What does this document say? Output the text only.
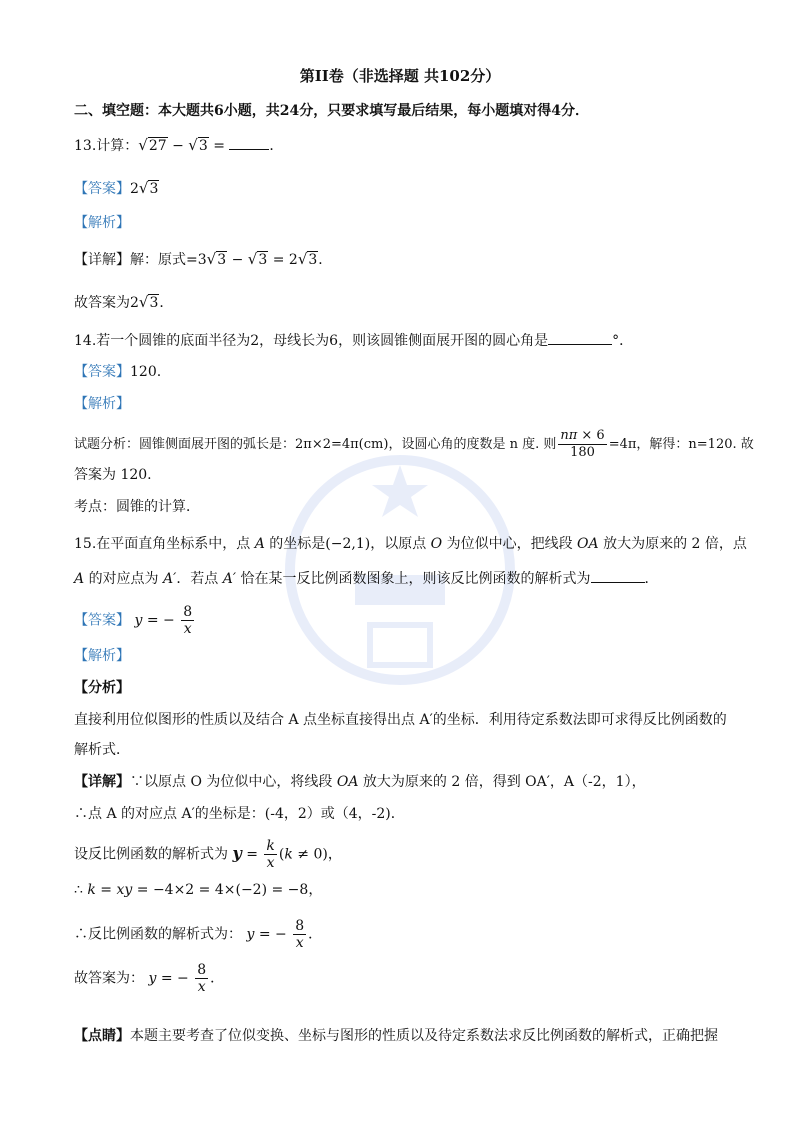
第II卷（非选择题 共102分）
二、填空题：本大题共6小题，共24分，只要求填写最后结果，每小题填对得4分．
13.计算：√27 − √3 =	．
【答案】2√3
【解析】
【详解】解：原式=3√3 − √3 = 2√3．
故答案为2√3．
14.若一个圆锥的底面半径为2，母线长为6，则该圆锥侧面展开图的圆心角是	°．
【答案】120.
【解析】
试题分析：圆锥侧面展开图的弧长是：2π×2=4π(cm)，设圆心角的度数是 n 度. 则 $\frac{n\pi \times 6}{180} =4\pi$，解得：n=120. 故
答案为 120.
考点：圆锥的计算．
15.在平面直角坐标系中，点 A 的坐标是(−2,1)，以原点 O 为位似中心，把线段 OA 放大为原来的 2 倍，点
A 的对应点为 A′．若点 A′ 恰在某一反比例函数图象上，则该反比例函数的解析式为	．
【答案】 y = − $\frac{8}{x}$
【解析】
【分析】
直接利用位似图形的性质以及结合 A 点坐标直接得出点 A′的坐标．利用待定系数法即可求得反比例函数的
解析式．
【详解】∵以原点 O 为位似中心，将线段 OA 放大为原来的 2 倍，得到 OA′，A（-2，1），
∴点 A 的对应点 A′的坐标是：(-4，2）或（4，-2)．
设反比例函数的解析式为 $y = \frac{k}{x} (k \ne 0)$，
∴ k = xy = −4×2 = 4×(−2) = −8，
∴反比例函数的解析式为： y = − $\frac{8}{x}$ ．
故答案为： y = − $\frac{8}{x}$ ．
【点睛】本题主要考查了位似变换、坐标与图形的性质以及待定系数法求反比例函数的解析式，正确把握
